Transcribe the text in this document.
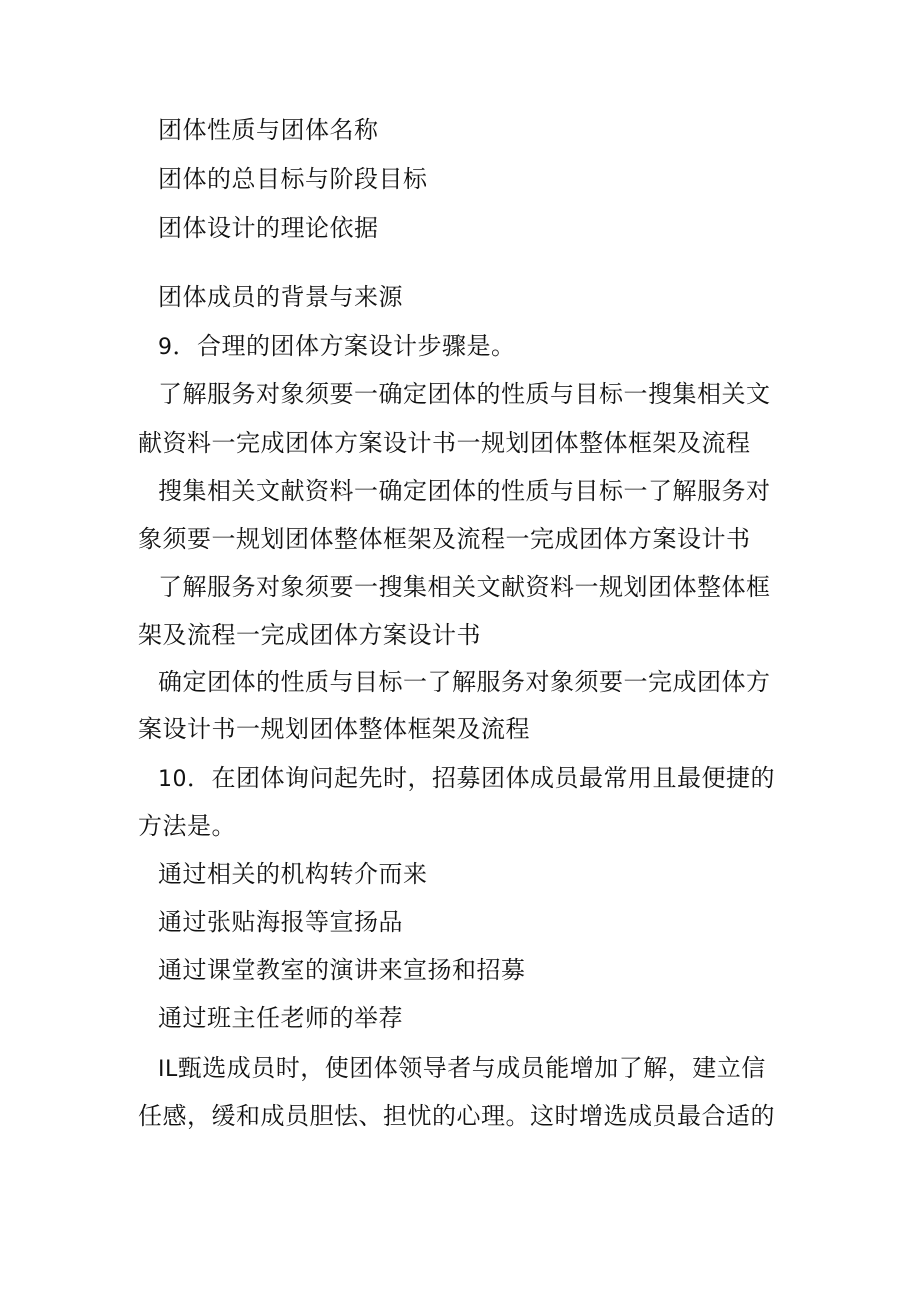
团体性质与团体名称
团体的总目标与阶段目标
团体设计的理论依据
团体成员的背景与来源
9．合理的团体方案设计步骤是。
了解服务对象须要一确定团体的性质与目标一搜集相关文
献资料一完成团体方案设计书一规划团体整体框架及流程
搜集相关文献资料一确定团体的性质与目标一了解服务对
象须要一规划团体整体框架及流程一完成团体方案设计书
了解服务对象须要一搜集相关文献资料一规划团体整体框
架及流程一完成团体方案设计书
确定团体的性质与目标一了解服务对象须要一完成团体方
案设计书一规划团体整体框架及流程
10．在团体询问起先时，招募团体成员最常用且最便捷的
方法是。
通过相关的机构转介而来
通过张贴海报等宣扬品
通过课堂教室的演讲来宣扬和招募
通过班主任老师的举荐
IL甄选成员时，使团体领导者与成员能增加了解，建立信
任感，缓和成员胆怯、担忧的心理。这时增选成员最合适的
